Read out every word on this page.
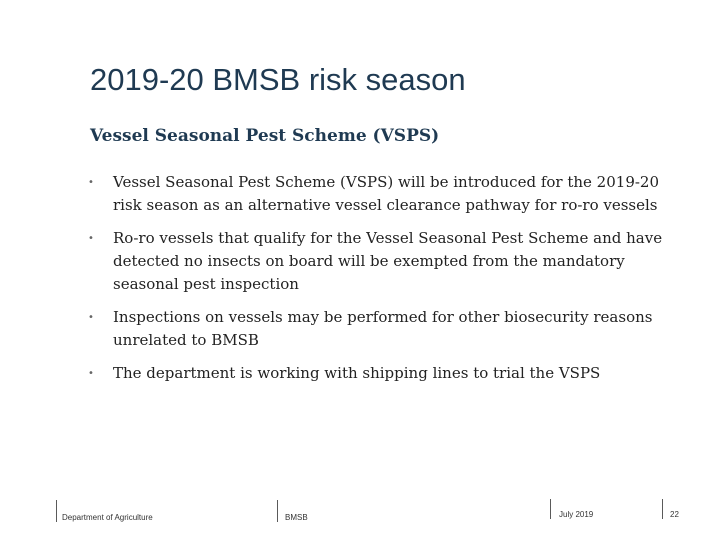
2019-20 BMSB risk season
Vessel Seasonal Pest Scheme (VSPS)
• Vessel Seasonal Pest Scheme (VSPS) will be introduced for the 2019-20 risk season as an alternative vessel clearance pathway for ro-ro vessels
• Ro-ro vessels that qualify for the Vessel Seasonal Pest Scheme and have detected no insects on board will be exempted from the mandatory seasonal pest inspection
• Inspections on vessels may be performed for other biosecurity reasons unrelated to BMSB
• The department is working with shipping lines to trial the VSPS
Department of Agriculture	BMSB	July 2019	22
